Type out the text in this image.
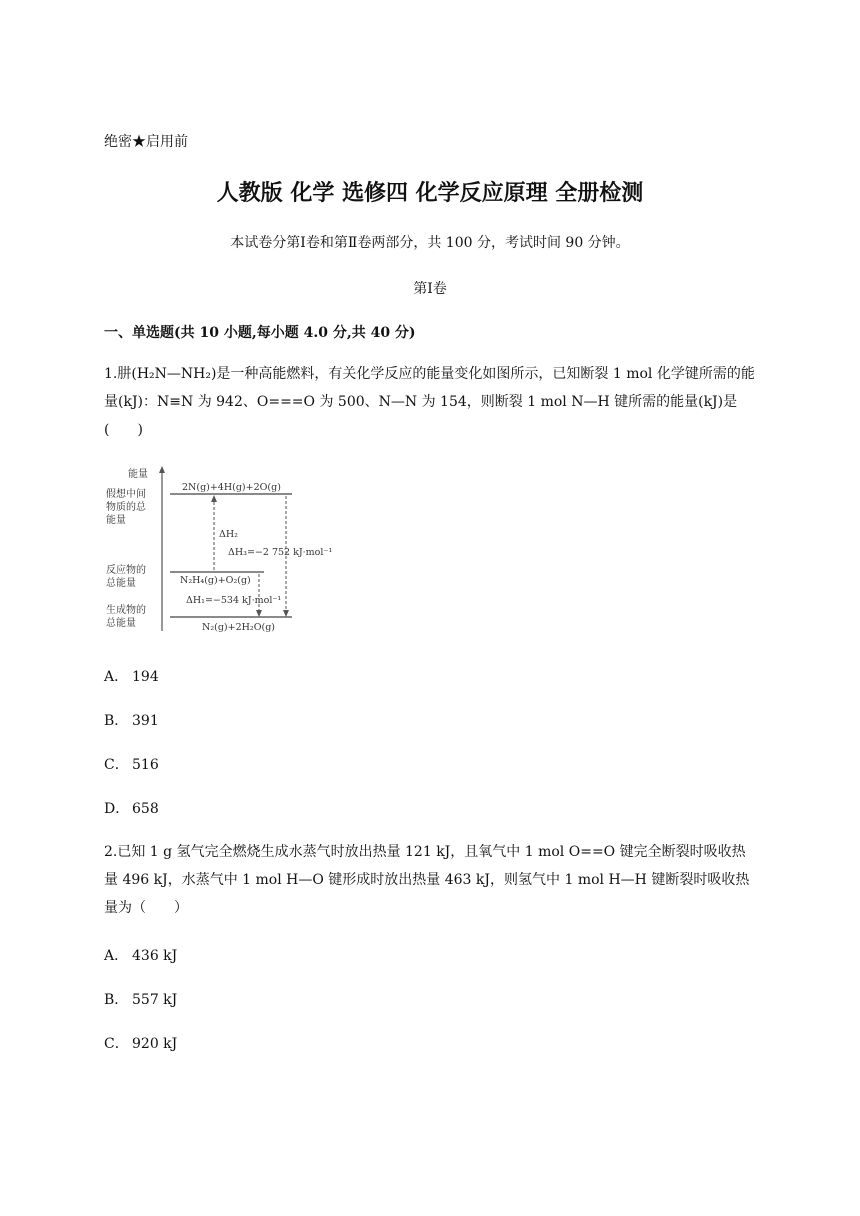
绝密★启用前
人教版 化学 选修四 化学反应原理 全册检测
本试卷分第Ⅰ卷和第Ⅱ卷两部分，共 100 分，考试时间 90 分钟。
第Ⅰ卷
一、单选题(共 10 小题,每小题 4.0 分,共 40 分)
1.肼(H₂N—NH₂)是一种高能燃料，有关化学反应的能量变化如图所示，已知断裂 1 mol 化学键所需的能量(kJ)：N≡N 为 942、O===O 为 500、N—N 为 154，则断裂 1 mol N—H 键所需的能量(kJ)是(　　)
能量
假想中间物质的总能量
反应物的总能量
生成物的总能量
2N(g)+4H(g)+2O(g)
N₂H₄(g)+O₂(g)
N₂(g)+2H₂O(g)
ΔH₂
ΔH₃=−2 752 kJ·mol⁻¹
ΔH₁=−534 kJ·mol⁻¹
A． 194
B． 391
C． 516
D． 658
2.已知 1 g 氢气完全燃烧生成水蒸气时放出热量 121 kJ，且氧气中 1 mol O==O 键完全断裂时吸收热量 496 kJ，水蒸气中 1 mol H—O 键形成时放出热量 463 kJ，则氢气中 1 mol H—H 键断裂时吸收热量为（　　）
A． 436 kJ
B． 557 kJ
C． 920 kJ
